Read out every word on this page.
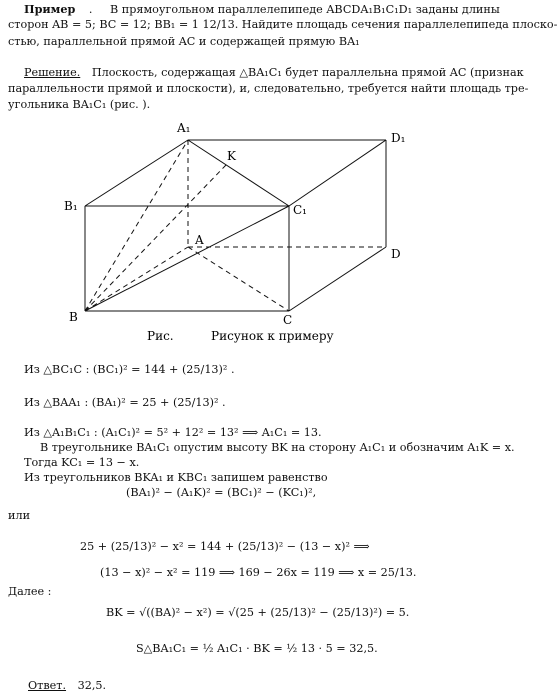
Пример . В прямоугольном параллелепипеде ABCDA₁B₁C₁D₁ заданы длины
сторон AB = 5; BC = 12; BB₁ = 1 12/13. Найдите площадь сечения параллелепипеда плоско-
стью, параллельной прямой AC и содержащей прямую BA₁
Решение. Плоскость, содержащая △BA₁C₁ будет параллельна прямой AC (признак
параллельности прямой и плоскости), и, следовательно, требуется найти площадь тре-
угольника BA₁C₁ (рис. ).
A₁
D₁
K
B₁	C₁
A
D
B	C
Рис.	Рисунок к примеру
Из △BC₁C : (BC₁)² = 144 + (25/13)² .
Из △BAA₁ : (BA₁)² = 25 + (25/13)² .
Из △A₁B₁C₁ : (A₁C₁)² = 5² + 12² = 13² ⟹ A₁C₁ = 13.
В треугольнике BA₁C₁ опустим высоту BK на сторону A₁C₁ и обозначим A₁K = x.
Тогда KC₁ = 13 − x.
Из треугольников BKA₁ и KBC₁ запишем равенство
(BA₁)² − (A₁K)² = (BC₁)² − (KC₁)²,
или
25 + (25/13)² − x² = 144 + (25/13)² − (13 − x)² ⟹
(13 − x)² − x² = 119 ⟹ 169 − 26x = 119 ⟹ x = 25/13.
Далее :
BK = √((BA)² − x²) = √(25 + (25/13)² − (25/13)²) = 5.
S△BA₁C₁ = ½ A₁C₁ · BK = ½ 13 · 5 = 32,5.
Ответ. 32,5.
